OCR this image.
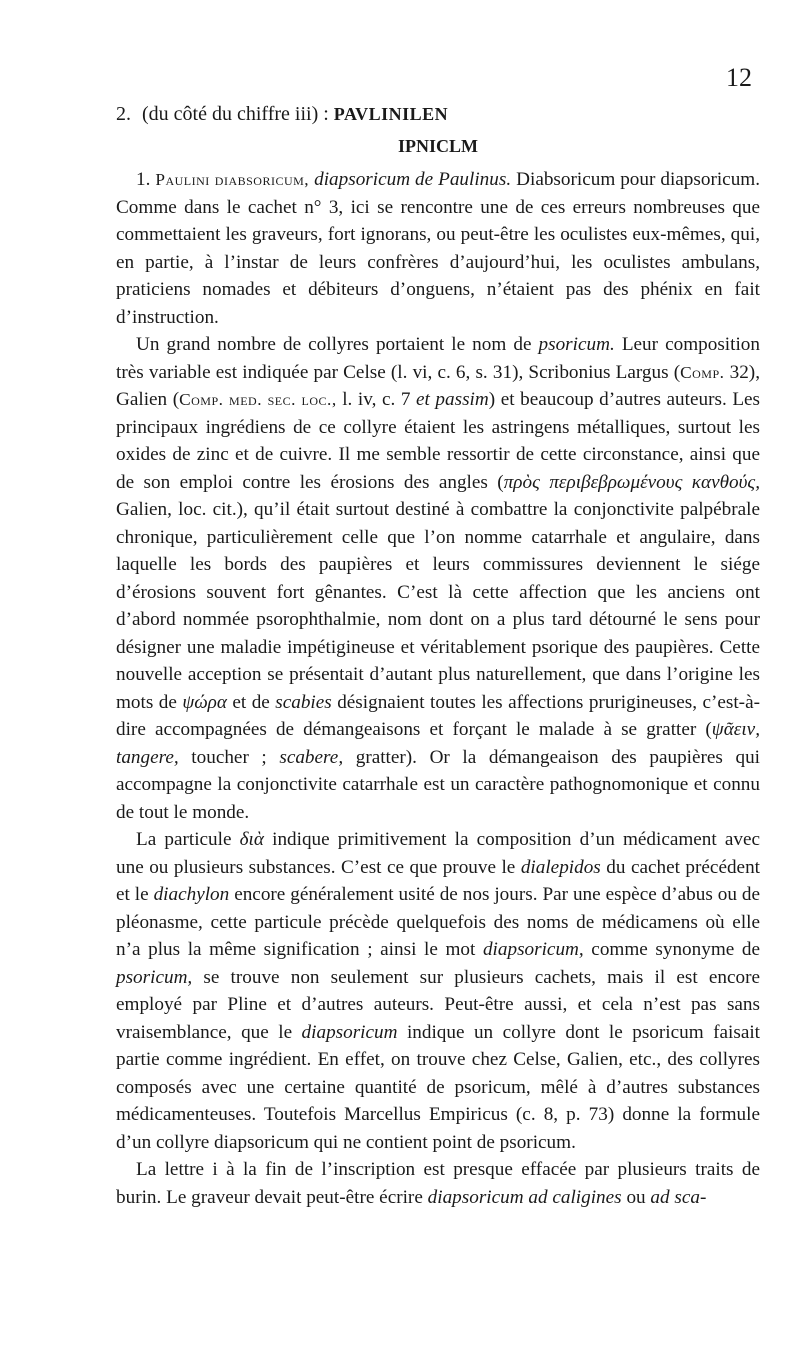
12
2. (du côté du chiffre iii) : PAVLINILEN
IPNICLM

1. Paulini diabsoricum, diapsoricum de Paulinus. Diabsoricum pour diapsoricum. Comme dans le cachet n° 3, ici se rencontre une de ces erreurs nombreuses que commettaient les graveurs, fort ignorans, ou peut-être les oculistes eux-mêmes, qui, en partie, à l’instar de leurs confrères d’aujourd’hui, les oculistes ambulans, praticiens nomades et débiteurs d’onguens, n’étaient pas des phénix en fait d’instruction.

Un grand nombre de collyres portaient le nom de psoricum. Leur composition très variable est indiquée par Celse (l. vi, c. 6, s. 31), Scribonius Largus (Comp. 32), Galien (Comp. med. sec. loc., l. iv, c. 7 et passim) et beaucoup d’autres auteurs. Les principaux ingrédiens de ce collyre étaient les astringens métalliques, surtout les oxides de zinc et de cuivre. Il me semble ressortir de cette circonstance, ainsi que de son emploi contre les érosions des angles (πρὸς περιβεβρωμένους κανθούς, Galien, loc. cit.), qu’il était surtout destiné à combattre la conjonctivite palpébrale chronique, particulièrement celle que l’on nomme catarrhale et angulaire, dans laquelle les bords des paupières et leurs commissures deviennent le siége d’érosions souvent fort gênantes. C’est là cette affection que les anciens ont d’abord nommée psorophthalmie, nom dont on a plus tard détourné le sens pour désigner une maladie impétigineuse et véritablement psorique des paupières. Cette nouvelle acception se présentait d’autant plus naturellement, que dans l’origine les mots de ψώρα et de scabies désignaient toutes les affections prurigineuses, c’est-à-dire accompagnées de démangeaisons et forçant le malade à se gratter (ψᾶειν, tangere, toucher ; scabere, gratter). Or la démangeaison des paupières qui accompagne la conjonctivite catarrhale est un caractère pathognomonique et connu de tout le monde.

La particule διὰ indique primitivement la composition d’un médicament avec une ou plusieurs substances. C’est ce que prouve le dialepidos du cachet précédent et le diachylon encore généralement usité de nos jours. Par une espèce d’abus ou de pléonasme, cette particule précède quelquefois des noms de médicamens où elle n’a plus la même signification ; ainsi le mot diapsoricum, comme synonyme de psoricum, se trouve non seulement sur plusieurs cachets, mais il est encore employé par Pline et d’autres auteurs. Peut-être aussi, et cela n’est pas sans vraisemblance, que le diapsoricum indique un collyre dont le psoricum faisait partie comme ingrédient. En effet, on trouve chez Celse, Galien, etc., des collyres composés avec une certaine quantité de psoricum, mêlé à d’autres substances médicamenteuses. Toutefois Marcellus Empiricus (c. 8, p. 73) donne la formule d’un collyre diapsoricum qui ne contient point de psoricum.

La lettre i à la fin de l’inscription est presque effacée par plusieurs traits de burin. Le graveur devait peut-être écrire diapsoricum ad caligines ou ad sca-
